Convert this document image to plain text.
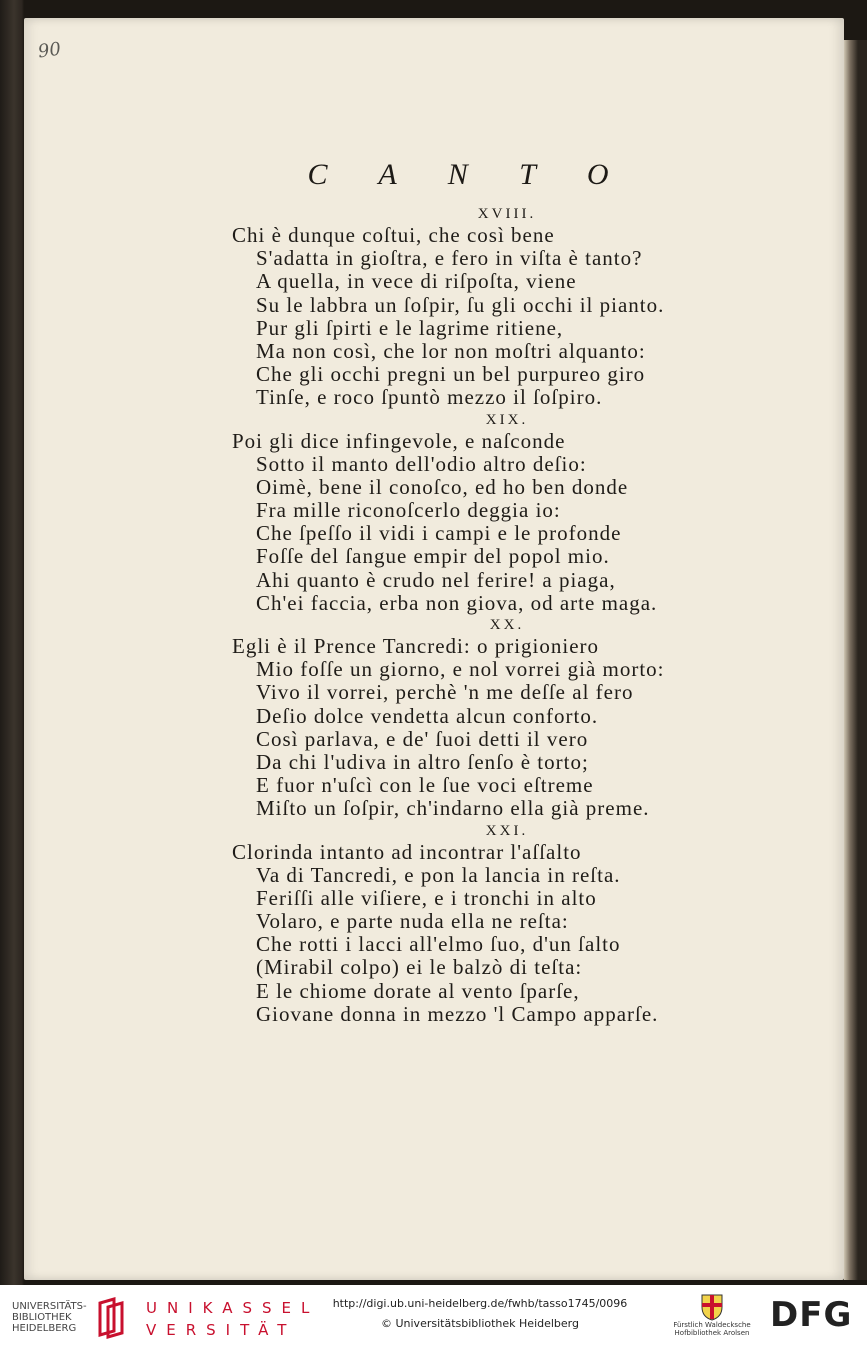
90
C A N T O
XVIII.
Chi è dunque coſtui, che così bene
S'adatta in gioſtra, e fero in viſta è tanto?
A quella, in vece di riſpoſta, viene
Su le labbra un ſoſpir, ſu gli occhi il pianto.
Pur gli ſpirti e le lagrime ritiene,
Ma non così, che lor non moſtri alquanto:
Che gli occhi pregni un bel purpureo giro
Tinſe, e roco ſpuntò mezzo il ſoſpiro.
XIX.
Poi gli dice infingevole, e naſconde
Sotto il manto dell'odio altro deſio:
Oimè, bene il conoſco, ed ho ben donde
Fra mille riconoſcerlo deggia io:
Che ſpeſſo il vidi i campi e le profonde
Foſſe del ſangue empir del popol mio.
Ahi quanto è crudo nel ferire! a piaga,
Ch'ei faccia, erba non giova, od arte maga.
XX.
Egli è il Prence Tancredi: o prigioniero
Mio foſſe un giorno, e nol vorrei già morto:
Vivo il vorrei, perchè 'n me deſſe al fero
Deſio dolce vendetta alcun conforto.
Così parlava, e de' ſuoi detti il vero
Da chi l'udiva in altro ſenſo è torto;
E fuor n'uſcì con le ſue voci eſtreme
Miſto un ſoſpir, ch'indarno ella già preme.
XXI.
Clorinda intanto ad incontrar l'aſſalto
Va di Tancredi, e pon la lancia in reſta.
Feriſſi alle viſiere, e i tronchi in alto
Volaro, e parte nuda ella ne reſta:
Che rotti i lacci all'elmo ſuo, d'un ſalto
(Mirabil colpo) ei le balzò di teſta:
E le chiome dorate al vento ſparſe,
Giovane donna in mezzo 'l Campo apparſe.
UNIVERSITÄTS-
BIBLIOTHEK
HEIDELBERG
UNIKASSEL
VERSITÄT
http://digi.ub.uni-heidelberg.de/fwhb/tasso1745/0096
© Universitätsbibliothek Heidelberg	Fürstlich Waldecksche
Hofbibliothek Arolsen DFG
